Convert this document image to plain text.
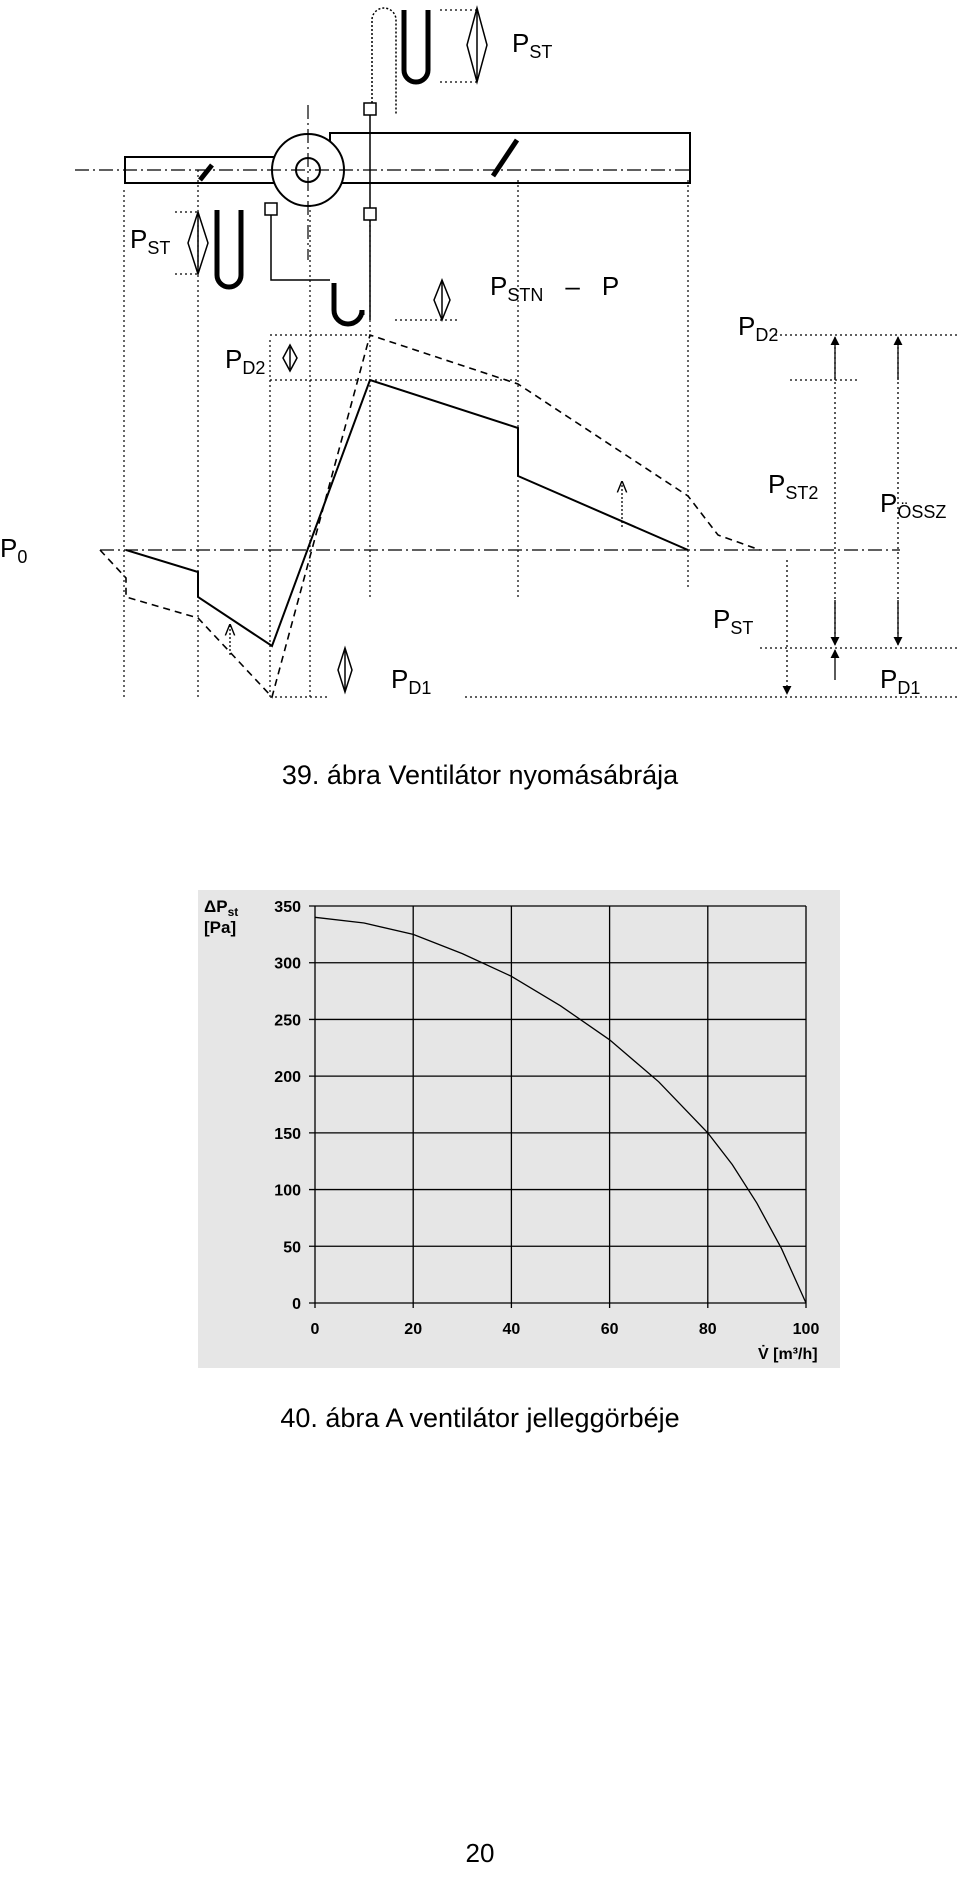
$P_{ST}$
$P_{ST}$
$P_{STN}$ – P
$P_{D2}$
$P_{D2}$
$P_0$
$P_{ST2}$ $P_{ÖSSZ}$
$P_{ST}$
$P_{D1}$	$P_{D1}$
39. ábra Ventilátor nyomásábrája
0	20	40	60	80	100
350
300
250
200
150
100
50
0
$\Delta P_{st}$
[Pa]
V̇ [m³/h]
40. ábra A ventilátor jelleggörbéje
20
